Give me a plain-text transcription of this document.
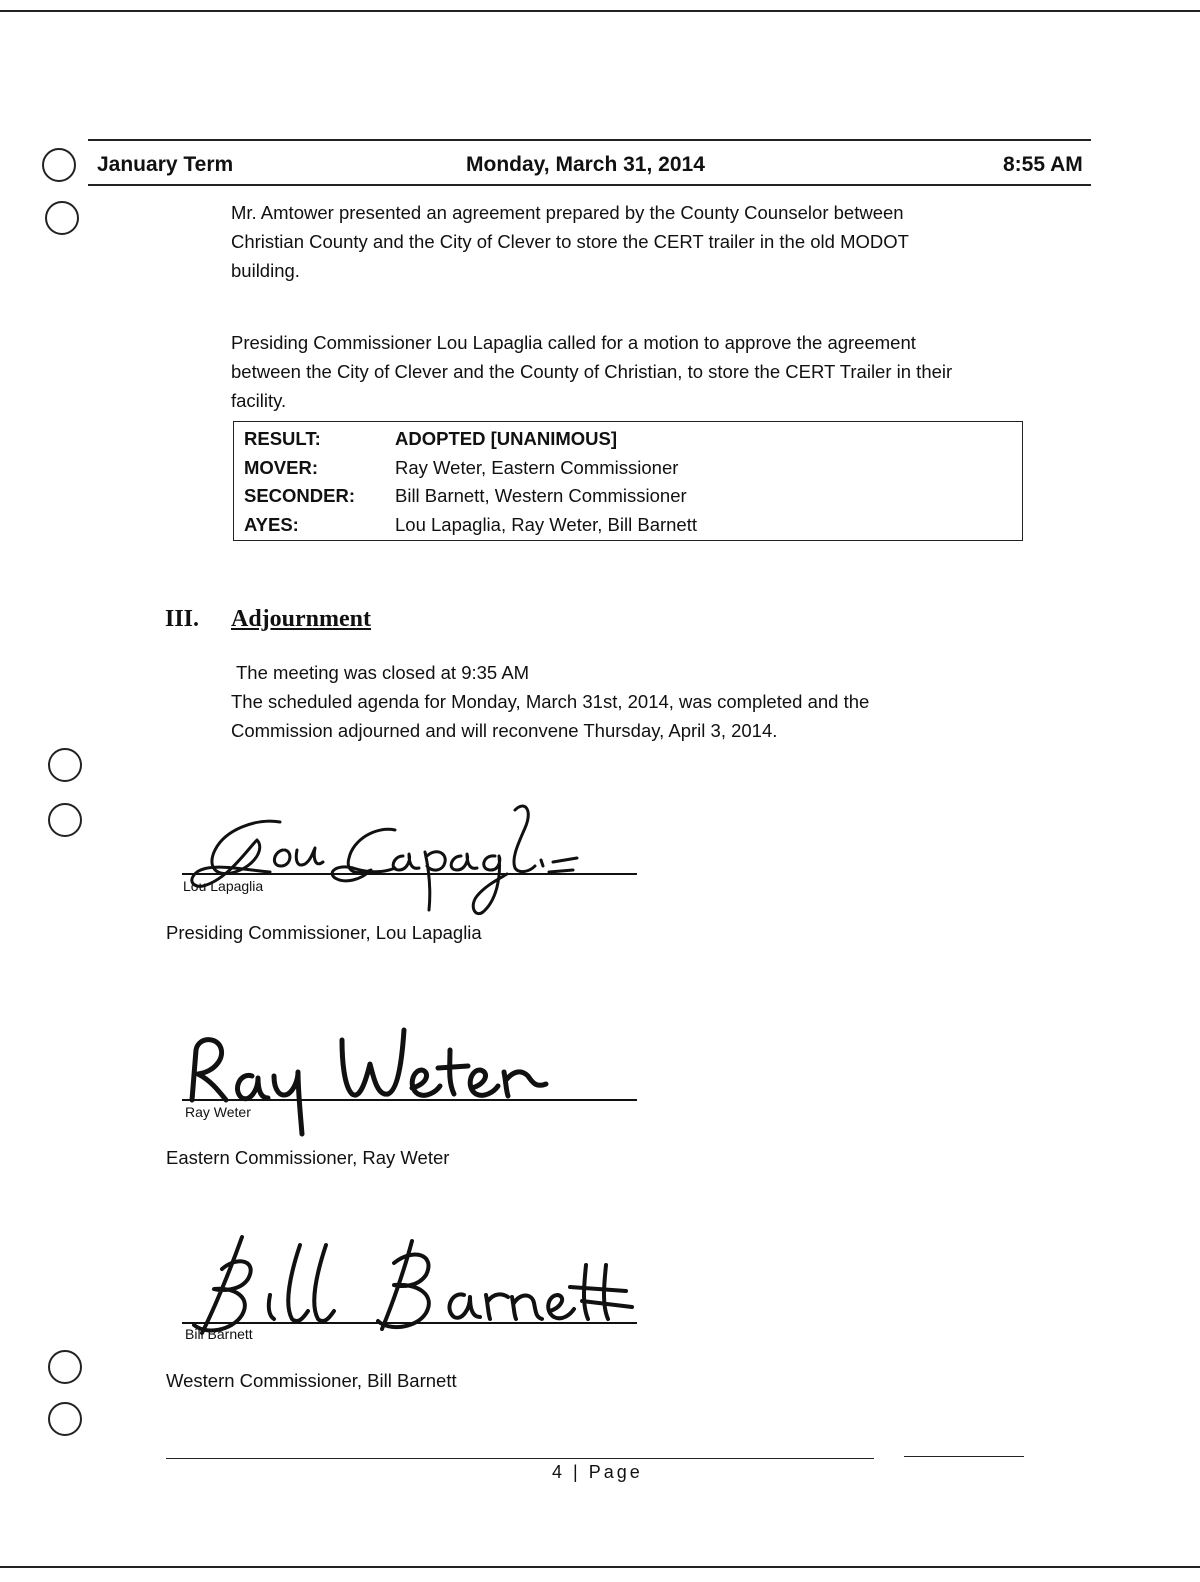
January Term	Monday, March 31, 2014	8:55 AM
Mr. Amtower presented an agreement prepared by the County Counselor between
Christian County and the City of Clever to store the CERT trailer in the old MODOT
building.
Presiding Commissioner Lou Lapaglia called for a motion to approve the agreement
between the City of Clever and the County of Christian, to store the CERT Trailer in their
facility.
RESULT:	ADOPTED [UNANIMOUS]
MOVER:	Ray Weter, Eastern Commissioner
SECONDER: Bill Barnett, Western Commissioner
AYES:	Lou Lapaglia, Ray Weter, Bill Barnett
III. Adjournment
The meeting was closed at 9:35 AM
The scheduled agenda for Monday, March 31st, 2014, was completed and the
Commission adjourned and will reconvene Thursday, April 3, 2014.
Lou Lapaglia
Presiding Commissioner, Lou Lapaglia
Ray Weter
Eastern Commissioner, Ray Weter
Bill Barnett
Western Commissioner, Bill Barnett
4 | Page
